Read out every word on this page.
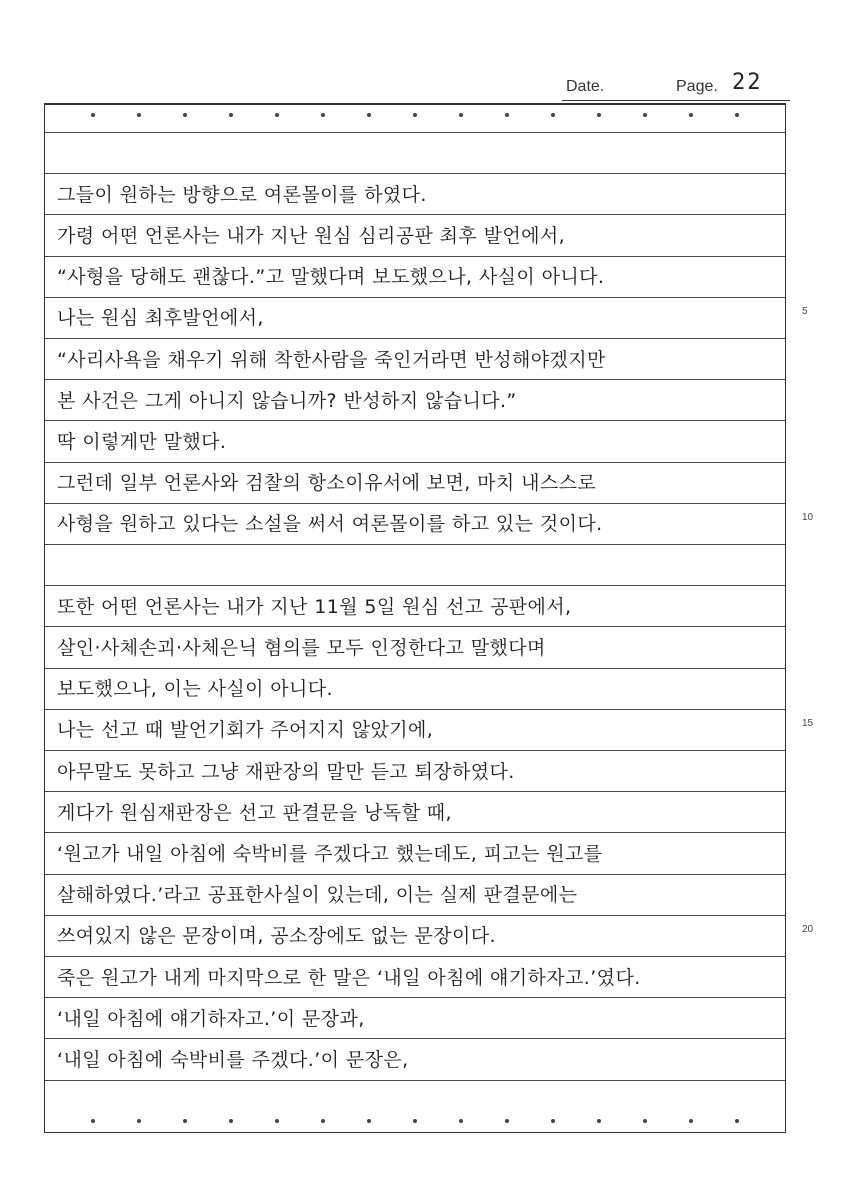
Date.	Page. 22
그들이 원하는 방향으로 여론몰이를 하였다.
가령 어떤 언론사는 내가 지난 원심 심리공판 최후 발언에서,
“사형을 당해도 괜찮다.”고 말했다며 보도했으나, 사실이 아니다.
나는 원심 최후발언에서,
“사리사욕을 채우기 위해 착한사람을 죽인거라면 반성해야겠지만
본 사건은 그게 아니지 않습니까? 반성하지 않습니다.”
딱 이렇게만 말했다.
그런데 일부 언론사와 검찰의 항소이유서에 보면, 마치 내스스로
사형을 원하고 있다는 소설을 써서 여론몰이를 하고 있는 것이다.
또한 어떤 언론사는 내가 지난 11월 5일 원심 선고 공판에서,
살인·사체손괴·사체은닉 혐의를 모두 인정한다고 말했다며
보도했으나, 이는 사실이 아니다.
나는 선고 때 발언기회가 주어지지 않았기에,
아무말도 못하고 그냥 재판장의 말만 듣고 퇴장하였다.
게다가 원심재판장은 선고 판결문을 낭독할 때,
‘원고가 내일 아침에 숙박비를 주겠다고 했는데도, 피고는 원고를
살해하였다.’라고 공표한사실이 있는데, 이는 실제 판결문에는
쓰여있지 않은 문장이며, 공소장에도 없는 문장이다.
죽은 원고가 내게 마지막으로 한 말은 ‘내일 아침에 얘기하자고.’였다.
‘내일 아침에 얘기하자고.’이 문장과,
‘내일 아침에 숙박비를 주겠다.’이 문장은,
5
10
15
20
